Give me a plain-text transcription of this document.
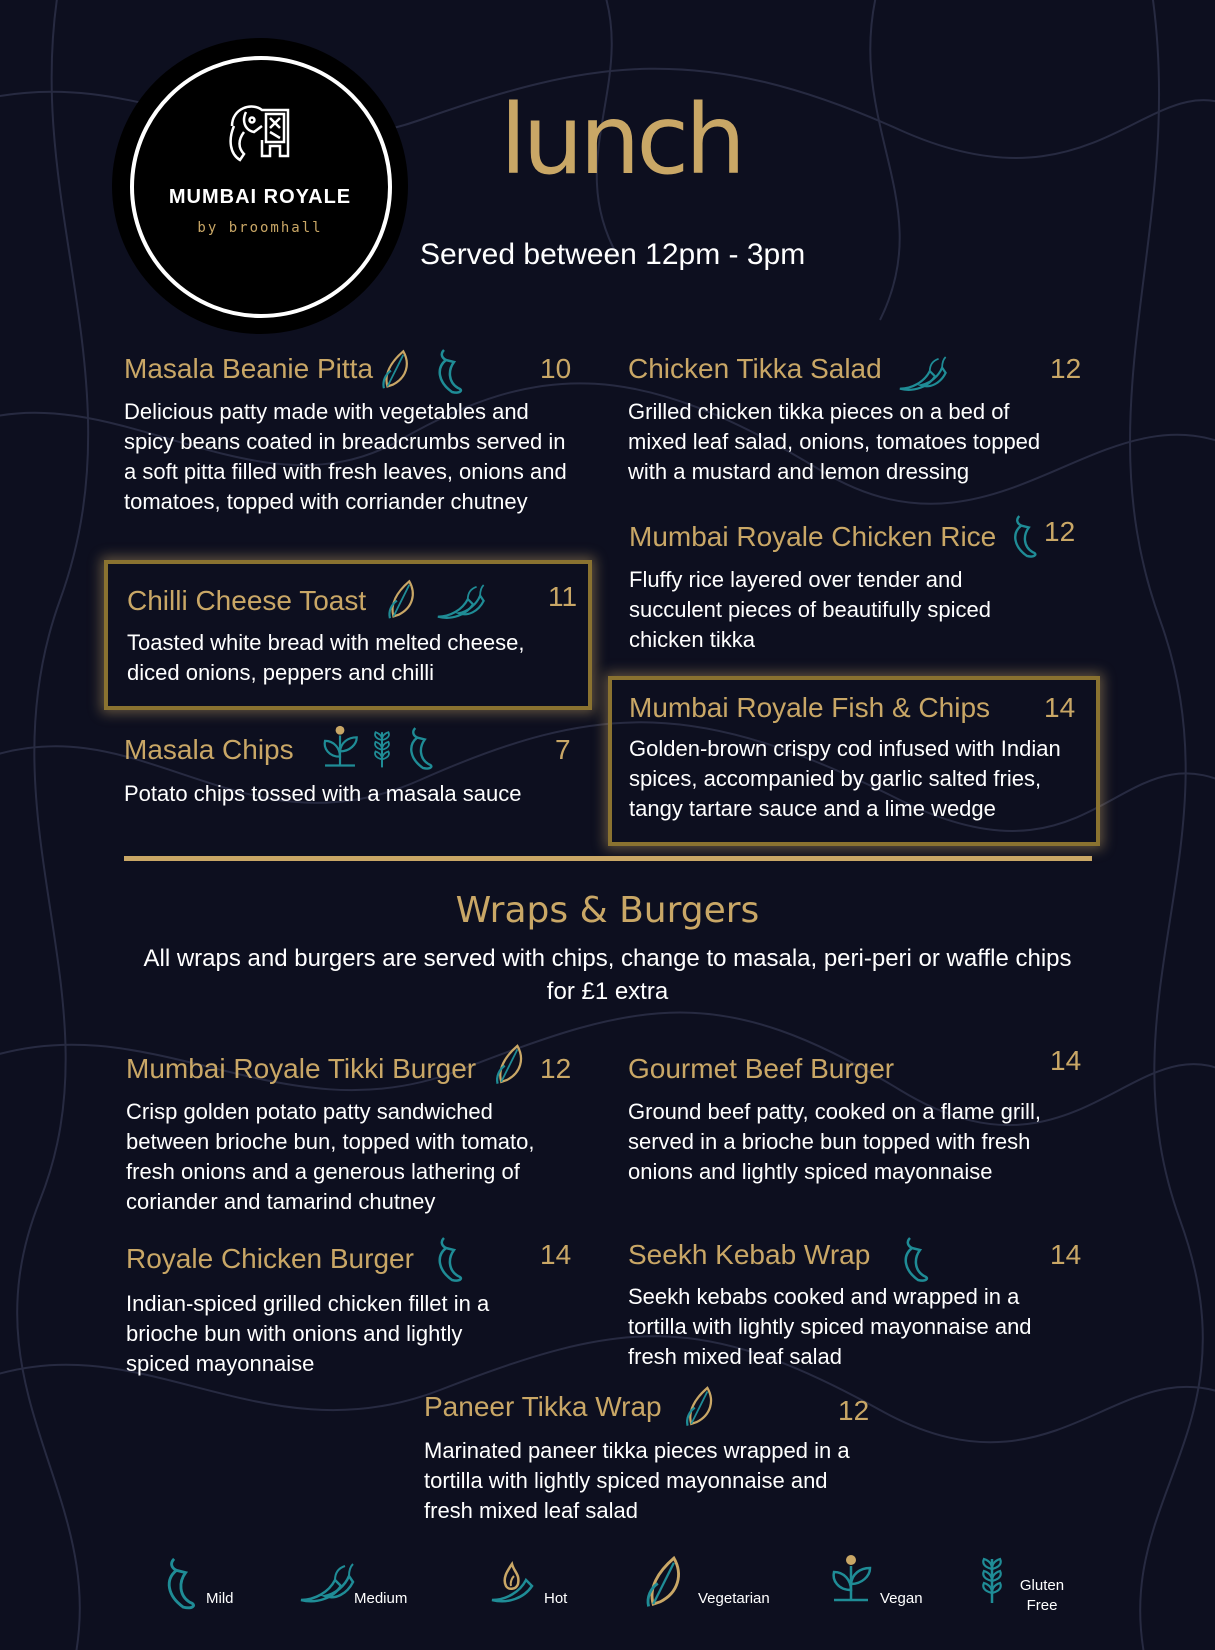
MUMBAI ROYALE
by broomhall
lunch
Served between 12pm - 3pm
Masala Beanie Pitta	10
Delicious patty made with vegetables and spicy beans coated in breadcrumbs served in a soft pitta filled with fresh leaves, onions and tomatoes, topped with corriander chutney
Chilli Cheese Toast	11
Toasted white bread with melted cheese, diced onions, peppers and chilli
Masala Chips	7
Potato chips tossed with a masala sauce
Chicken Tikka Salad	12
Grilled chicken tikka pieces on a bed of mixed leaf salad, onions, tomatoes topped with a mustard and lemon dressing
Mumbai Royale Chicken Rice 12
Fluffy rice layered over tender and succulent pieces of beautifully spiced chicken tikka
Mumbai Royale Fish & Chips 14
Golden-brown crispy cod infused with Indian spices, accompanied by garlic salted fries, tangy tartare sauce and a lime wedge
Wraps & Burgers
All wraps and burgers are served with chips, change to masala, peri-peri or waffle chips for £1 extra
Mumbai Royale Tikki Burger 12
Crisp golden potato patty sandwiched between brioche bun, topped with tomato, fresh onions and a generous lathering of coriander and tamarind chutney
Gourmet Beef Burger	14
Ground beef patty, cooked on a flame grill, served in a brioche bun topped with fresh onions and lightly spiced mayonnaise
Royale Chicken Burger	14
Indian-spiced grilled chicken fillet in a brioche bun with onions and lightly spiced mayonnaise
Seekh Kebab Wrap	14
Seekh kebabs cooked and wrapped in a tortilla with lightly spiced mayonnaise and fresh mixed leaf salad
Paneer Tikka Wrap	12
Marinated paneer tikka pieces wrapped in a tortilla with lightly spiced mayonnaise and fresh mixed leaf salad
Mild	Medium	Hot	Vegetarian	Vegan
Gluten Free
